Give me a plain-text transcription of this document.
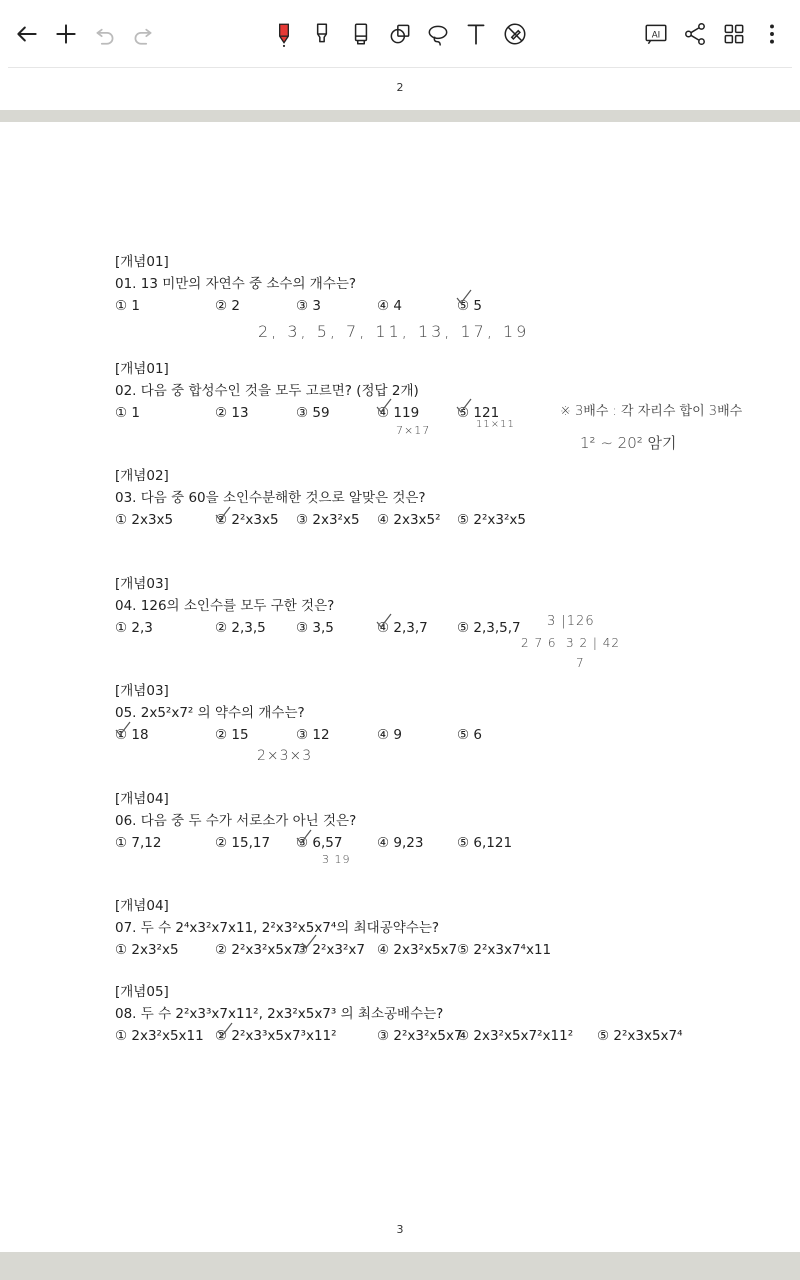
AI
2
[개념01]
01. 13 미만의 자연수 중 소수의 개수는?
① 1	② 2	③ 3	④ 4	⑤ 5
[개념01]
02. 다음 중 합성수인 것을 모두 고르면? (정답 2개)
① 1	② 13	③ 59	④ 119	⑤ 121
[개념02]
03. 다음 중 60을 소인수분해한 것으로 알맞은 것은?
① 2x3x5	② 2²x3x5 ③ 2x3²x5 ④ 2x3x5² ⑤ 2²x3²x5
[개념03]
04. 126의 소인수를 모두 구한 것은?
① 2,3	② 2,3,5 ③ 3,5	④ 2,3,7 ⑤ 2,3,5,7
[개념03]
05. 2x5²x7² 의 약수의 개수는?
① 18	② 15	③ 12	④ 9	⑤ 6
[개념04]
06. 다음 중 두 수가 서로소가 아닌 것은?
① 7,12	② 15,17 ③ 6,57	④ 9,23 ⑤ 6,121
[개념04]
07. 두 수 2⁴x3²x7x11, 2²x3²x5x7⁴의 최대공약수는?
① 2x3²x5	② 2²x3²x5x7
③ 2²x3²x7 ④ 2x3²x5x7 ⑤ 2²x3x7⁴x11
[개념05]
08. 두 수 2²x3³x7x11², 2x3²x5x7³ 의 최소공배수는?
① 2x3²x5x11 ② 2²x3³x5x7³x11²	③ 2²x3²x5x7
④ 2x3²x5x7²x11² ⑤ 2²x3x5x7⁴
2, 3, 5, 7, 11, 13, 17, 19
7×17	11×11
※ 3배수 : 각 자리수 합이 3배수
1² ~ 20² 암기
3 |126
2 7 6 3 2 | 42
7
2×3×3
3 19
3
